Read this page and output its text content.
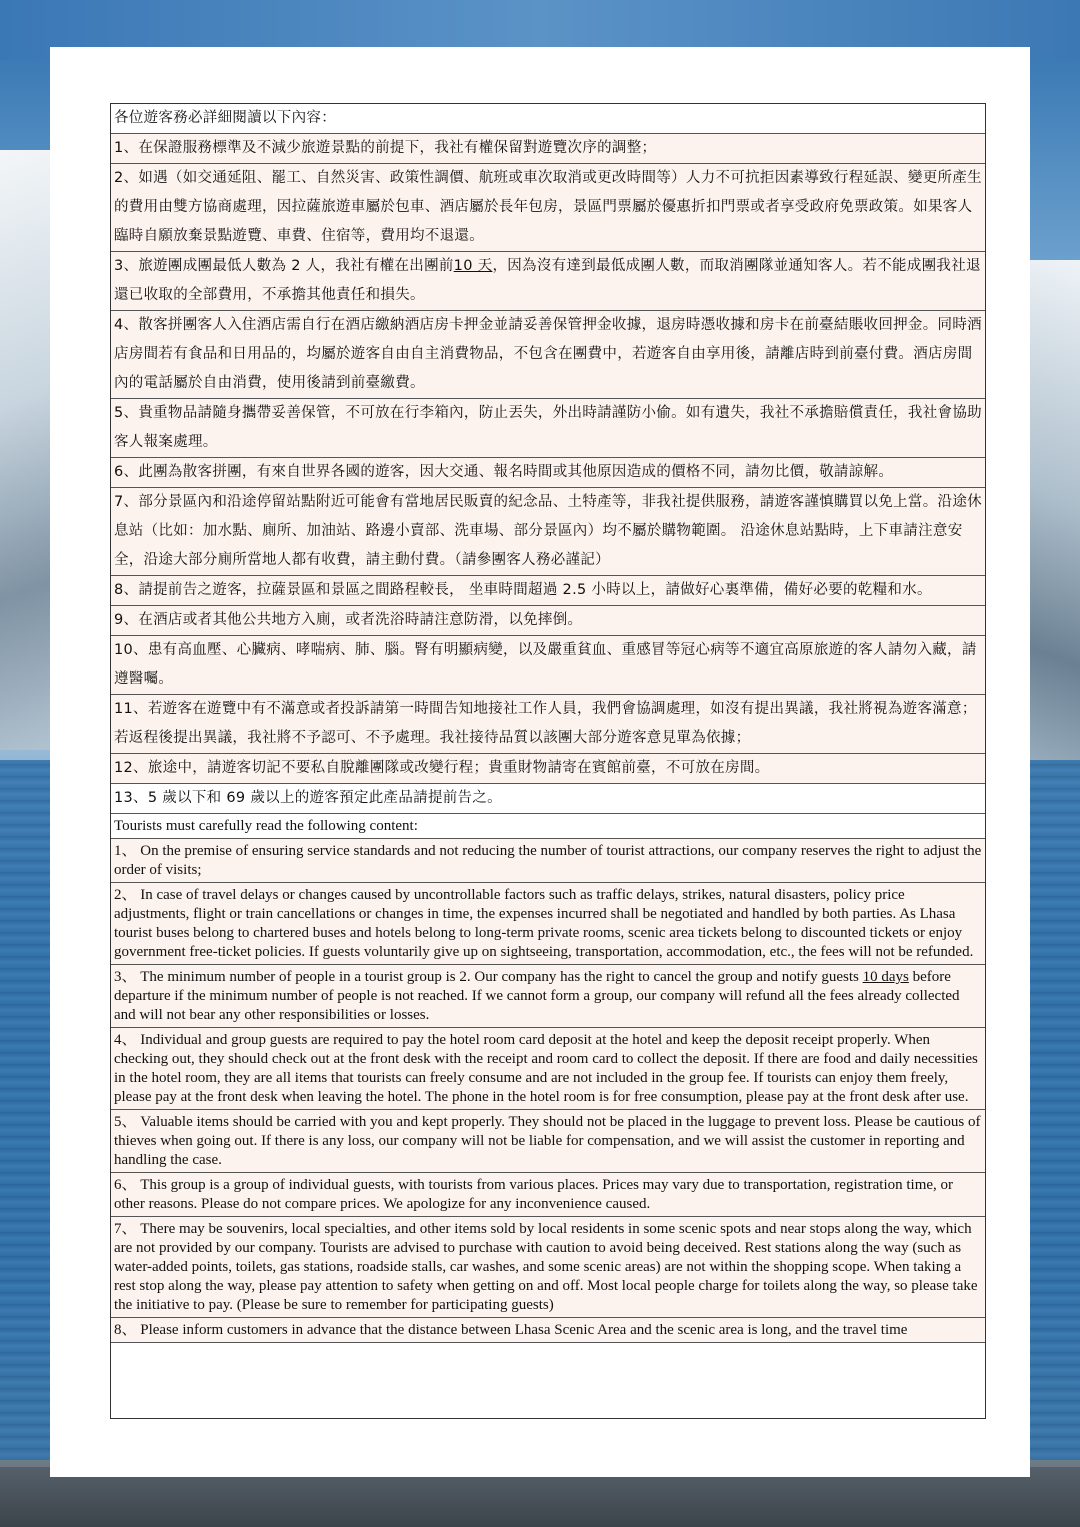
各位遊客務必詳細閱讀以下內容：
1、在保證服務標準及不減少旅遊景點的前提下，我社有權保留對遊覽次序的調整；
2、如遇（如交通延阻、罷工、自然災害、政策性調價、航班或車次取消或更改時間等）人力不可抗拒因素導致行程延誤、變更所產生的費用由雙方協商處理，因拉薩旅遊車屬於包車、酒店屬於長年包房，景區門票屬於優惠折扣門票或者享受政府免票政策。如果客人臨時自願放棄景點遊覽、車費、住宿等，費用均不退還。
3、旅遊團成團最低人數為 2 人，我社有權在出團前10 天，因為沒有達到最低成團人數，而取消團隊並通知客人。若不能成團我社退還已收取的全部費用，不承擔其他責任和損失。
4、散客拼團客人入住酒店需自行在酒店繳納酒店房卡押金並請妥善保管押金收據，退房時憑收據和房卡在前臺結賬收回押金。同時酒店房間若有食品和日用品的，均屬於遊客自由自主消費物品，不包含在團費中，若遊客自由享用後，請離店時到前臺付費。酒店房間內的電話屬於自由消費，使用後請到前臺繳費。
5、貴重物品請隨身攜帶妥善保管，不可放在行李箱內，防止丟失，外出時請謹防小偷。如有遺失，我社不承擔賠償責任，我社會協助客人報案處理。
6、此團為散客拼團，有來自世界各國的遊客，因大交通、報名時間或其他原因造成的價格不同，請勿比價，敬請諒解。
7、部分景區內和沿途停留站點附近可能會有當地居民販賣的紀念品、土特產等，非我社提供服務，請遊客謹慎購買以免上當。沿途休息站（比如：加水點、廁所、加油站、路邊小賣部、洗車場、部分景區內）均不屬於購物範圍。 沿途休息站點時，上下車請注意安全，沿途大部分廁所當地人都有收費，請主動付費。（請參團客人務必謹記）
8、請提前告之遊客，拉薩景區和景區之間路程較長， 坐車時間超過 2.5 小時以上，請做好心裏準備，備好必要的乾糧和水。
9、在酒店或者其他公共地方入廁，或者洗浴時請注意防滑，以免摔倒。
10、患有高血壓、心臟病、哮喘病、肺、腦。腎有明顯病變，以及嚴重貧血、重感冒等冠心病等不適宜高原旅遊的客人請勿入藏，請遵醫囑。
11、若遊客在遊覽中有不滿意或者投訴請第一時間告知地接社工作人員，我們會協調處理，如沒有提出異議，我社將視為遊客滿意；若返程後提出異議，我社將不予認可、不予處理。我社接待品質以該團大部分遊客意見單為依據；
12、旅途中，請遊客切記不要私自脫離團隊或改變行程；貴重財物請寄在賓館前臺，不可放在房間。
13、5 歲以下和 69 歲以上的遊客預定此產品請提前告之。
Tourists must carefully read the following content:
1、 On the premise of ensuring service standards and not reducing the number of tourist attractions, our company reserves the right to adjust the order of visits;
2、 In case of travel delays or changes caused by uncontrollable factors such as traffic delays, strikes, natural disasters, policy price adjustments, flight or train cancellations or changes in time, the expenses incurred shall be negotiated and handled by both parties. As Lhasa tourist buses belong to chartered buses and hotels belong to long-term private rooms, scenic area tickets belong to discounted tickets or enjoy government free-ticket policies. If guests voluntarily give up on sightseeing, transportation, accommodation, etc., the fees will not be refunded.
3、 The minimum number of people in a tourist group is 2. Our company has the right to cancel the group and notify guests 10 days before departure if the minimum number of people is not reached. If we cannot form a group, our company will refund all the fees already collected and will not bear any other responsibilities or losses.
4、 Individual and group guests are required to pay the hotel room card deposit at the hotel and keep the deposit receipt properly. When checking out, they should check out at the front desk with the receipt and room card to collect the deposit. If there are food and daily necessities in the hotel room, they are all items that tourists can freely consume and are not included in the group fee. If tourists can enjoy them freely, please pay at the front desk when leaving the hotel. The phone in the hotel room is for free consumption, please pay at the front desk after use.
5、 Valuable items should be carried with you and kept properly. They should not be placed in the luggage to prevent loss. Please be cautious of thieves when going out. If there is any loss, our company will not be liable for compensation, and we will assist the customer in reporting and handling the case.
6、 This group is a group of individual guests, with tourists from various places. Prices may vary due to transportation, registration time, or other reasons. Please do not compare prices. We apologize for any inconvenience caused.
7、 There may be souvenirs, local specialties, and other items sold by local residents in some scenic spots and near stops along the way, which are not provided by our company. Tourists are advised to purchase with caution to avoid being deceived. Rest stations along the way (such as water-added points, toilets, gas stations, roadside stalls, car washes, and some scenic areas) are not within the shopping scope. When taking a rest stop along the way, please pay attention to safety when getting on and off. Most local people charge for toilets along the way, so please take the initiative to pay. (Please be sure to remember for participating guests)
8、 Please inform customers in advance that the distance between Lhasa Scenic Area and the scenic area is long, and the travel time
